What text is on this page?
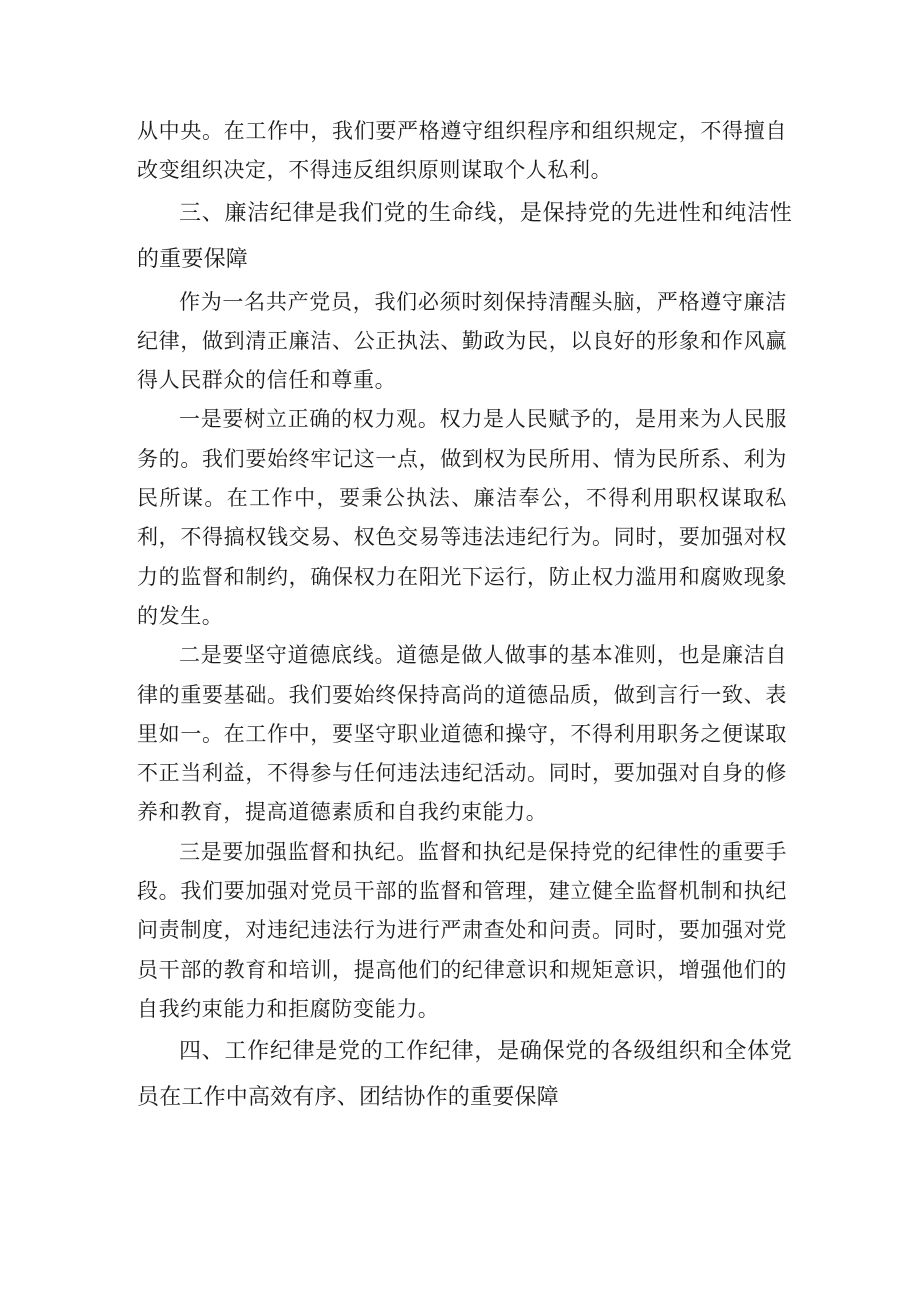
从中央。在工作中，我们要严格遵守组织程序和组织规定，不得擅自改变组织决定，不得违反组织原则谋取个人私利。

三、廉洁纪律是我们党的生命线，是保持党的先进性和纯洁性的重要保障

作为一名共产党员，我们必须时刻保持清醒头脑，严格遵守廉洁纪律，做到清正廉洁、公正执法、勤政为民，以良好的形象和作风赢得人民群众的信任和尊重。

一是要树立正确的权力观。权力是人民赋予的，是用来为人民服务的。我们要始终牢记这一点，做到权为民所用、情为民所系、利为民所谋。在工作中，要秉公执法、廉洁奉公，不得利用职权谋取私利，不得搞权钱交易、权色交易等违法违纪行为。同时，要加强对权力的监督和制约，确保权力在阳光下运行，防止权力滥用和腐败现象的发生。

二是要坚守道德底线。道德是做人做事的基本准则，也是廉洁自律的重要基础。我们要始终保持高尚的道德品质，做到言行一致、表里如一。在工作中，要坚守职业道德和操守，不得利用职务之便谋取不正当利益，不得参与任何违法违纪活动。同时，要加强对自身的修养和教育，提高道德素质和自我约束能力。

三是要加强监督和执纪。监督和执纪是保持党的纪律性的重要手段。我们要加强对党员干部的监督和管理，建立健全监督机制和执纪问责制度，对违纪违法行为进行严肃查处和问责。同时，要加强对党员干部的教育和培训，提高他们的纪律意识和规矩意识，增强他们的自我约束能力和拒腐防变能力。

四、工作纪律是党的工作纪律，是确保党的各级组织和全体党员在工作中高效有序、团结协作的重要保障
